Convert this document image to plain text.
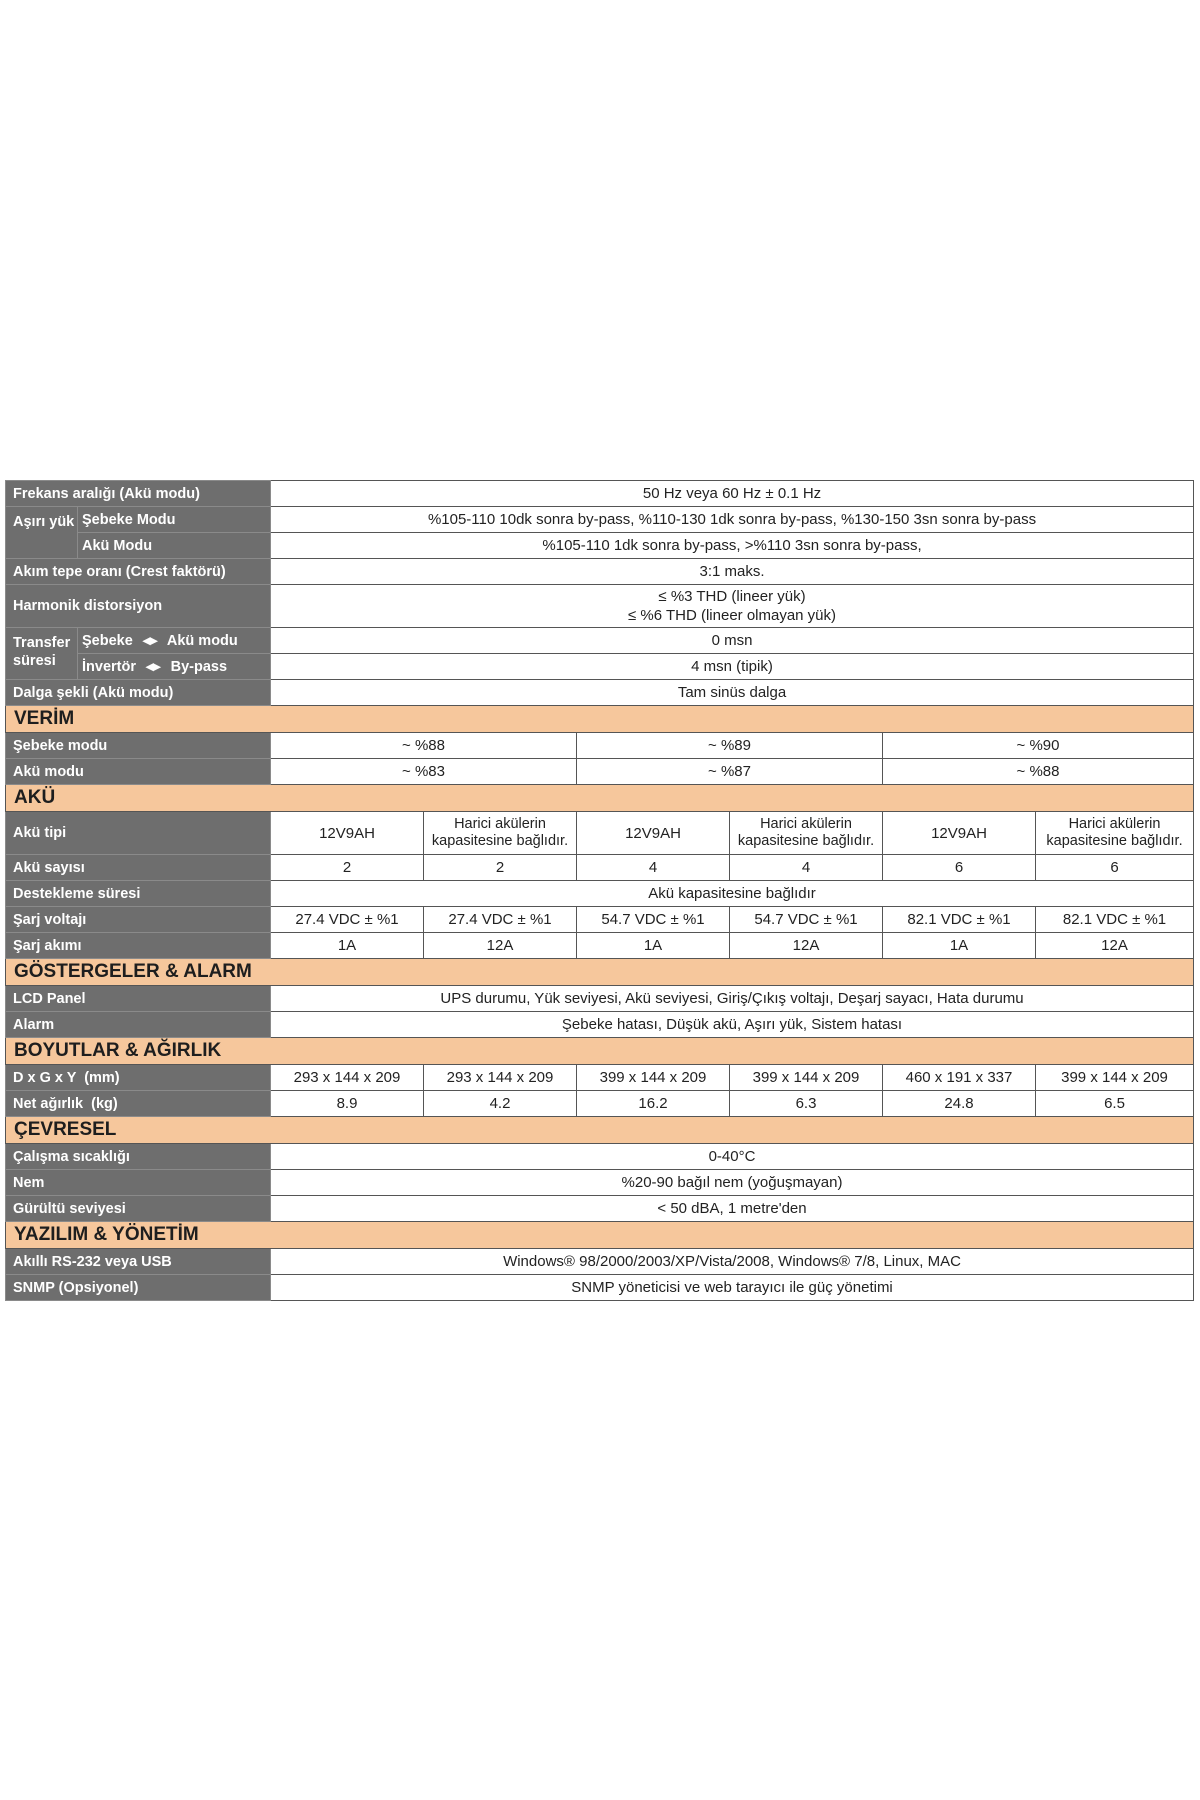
Frekans aralığı (Akü modu)		50 Hz veya 60 Hz ± 0.1 Hz					
Aşırı yük	Şebeke Modu	%105-110 10dk sonra by-pass, %110-130 1dk sonra by-pass, %130-150 3sn sonra by-pass					
	Akü Modu	%105-110 1dk sonra by-pass, >%110 3sn sonra by-pass,					
Akım tepe oranı (Crest faktörü)		3:1 maks.					
Harmonik distorsiyon		≤ %3 THD (lineer yük)
≤ %6 THD (lineer olmayan yük)					

Transfer süresi	Şebeke ◂▸ Akü modu	0 msn					
	İnvertör ◂▸ By-pass	4 msn (tipik)					
Dalga şekli (Akü modu)		Tam sinüs dalga					
VERİM							
Şebeke modu		~ %88		~ %89		~ %90	
Akü modu		~ %83		~ %87		~ %88	
AKÜ							
Akü tipi		12V9AH	Harici akülerin kapasitesine bağlıdır.	12V9AH	Harici akülerin kapasitesine bağlıdır.	12V9AH	Harici akülerin kapasitesine bağlıdır.
Akü sayısı		2	2	4	4	6	6
Destekleme süresi		Akü kapasitesine bağlıdır					
Şarj voltajı		27.4 VDC ± %1	27.4 VDC ± %1	54.7 VDC ± %1	54.7 VDC ± %1	82.1 VDC ± %1	82.1 VDC ± %1
Şarj akımı		1A	12A	1A	12A	1A	12A
GÖSTERGELER & ALARM							
LCD Panel		UPS durumu, Yük seviyesi, Akü seviyesi, Giriş/Çıkış voltajı, Deşarj sayacı, Hata durumu					
Alarm		Şebeke hatası, Düşük akü, Aşırı yük, Sistem hatası					
BOYUTLAR & AĞIRLIK							
D x G x Y  (mm)		293 x 144 x 209	293 x 144 x 209	399 x 144 x 209	399 x 144 x 209	460 x 191 x 337	399 x 144 x 209
Net ağırlık  (kg)		8.9	4.2	16.2	6.3	24.8	6.5
ÇEVRESEL							
Çalışma sıcaklığı		0-40°C					
Nem		%20-90 bağıl nem (yoğuşmayan)					
Gürültü seviyesi		< 50 dBA, 1 metre'den					
YAZILIM & YÖNETİM							
Akıllı RS-232 veya USB		Windows® 98/2000/2003/XP/Vista/2008, Windows® 7/8, Linux, MAC					
SNMP (Opsiyonel)		SNMP yöneticisi ve web tarayıcı ile güç yönetimi					
